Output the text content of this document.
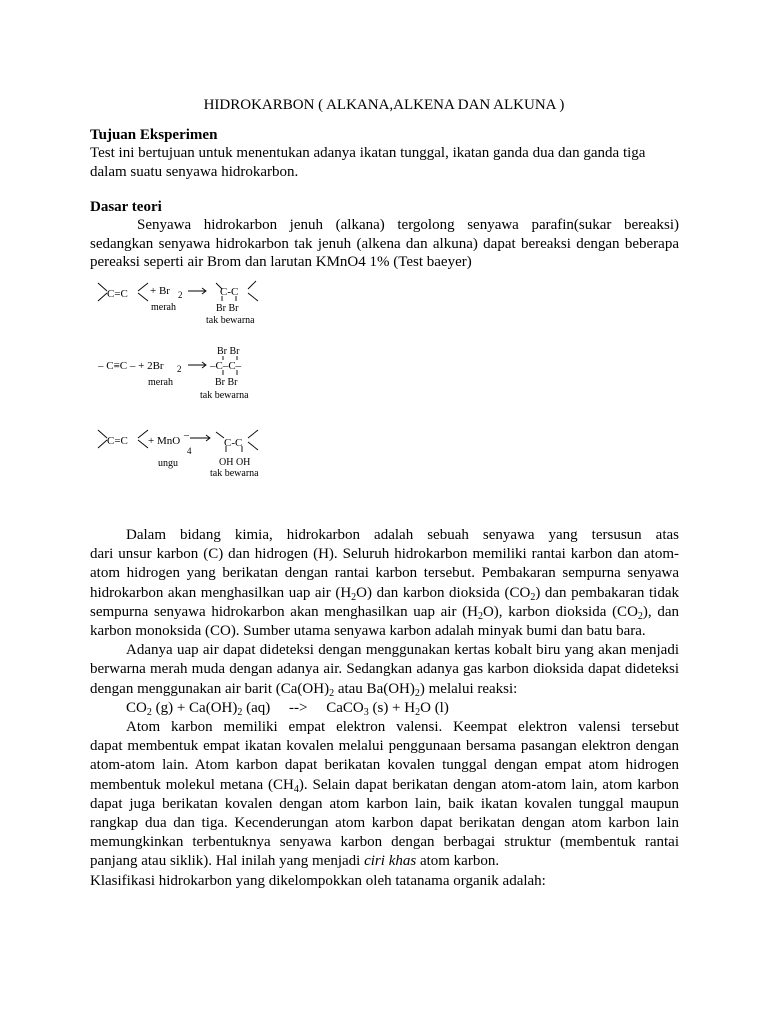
HIDROKARBON ( ALKANA,ALKENA DAN ALKUNA )
Tujuan Eksperimen
Test ini bertujuan untuk menentukan adanya ikatan tunggal, ikatan ganda dua dan ganda tiga
dalam suatu senyawa hidrokarbon.
Dasar teori
Senyawa hidrokarbon jenuh (alkana) tergolong senyawa parafin(sukar bereaksi)
sedangkan senyawa hidrokarbon tak jenuh (alkena dan alkuna) dapat bereaksi dengan beberapa
pereaksi seperti air Brom dan larutan KMnO4 1% (Test baeyer)
C=C + Br 2
merah
C-C
Br Br
tak bewarna
– C≡C – + 2Br 2
merah
Br Br
–C–C–
Br Br
tak bewarna
C=C + MnO –
4
ungu
C-C
OH OH
tak bewarna
Dalam bidang kimia, hidrokarbon adalah sebuah senyawa yang tersusun atas
dari unsur karbon (C) dan hidrogen (H). Seluruh hidrokarbon memiliki rantai karbon dan atom-
atom hidrogen yang berikatan dengan rantai karbon tersebut. Pembakaran sempurna senyawa
hidrokarbon akan menghasilkan uap air $(H_2O)$ dan karbon dioksida $(CO_2)$ dan pembakaran tidak
sempurna senyawa hidrokarbon akan menghasilkan uap air $(H_2O)$, karbon dioksida $(CO_2)$, dan
karbon monoksida (CO). Sumber utama senyawa karbon adalah minyak bumi dan batu bara.
Adanya uap air dapat dideteksi dengan menggunakan kertas kobalt biru yang akan menjadi
berwarna merah muda dengan adanya air. Sedangkan adanya gas karbon dioksida dapat dideteksi
dengan menggunakan air barit ($Ca(OH)_2$ atau $Ba(OH)_2$) melalui reaksi:
$CO_2$ $(g) + Ca(OH)_2$ (aq)     -->     CaCO$_3$ $(s) + H_2O$ (l)
Atom karbon memiliki empat elektron valensi. Keempat elektron valensi tersebut
dapat membentuk empat ikatan kovalen melalui penggunaan bersama pasangan elektron dengan
atom-atom lain. Atom karbon dapat berikatan kovalen tunggal dengan empat atom hidrogen
membentuk molekul metana $(CH_4)$. Selain dapat berikatan dengan atom-atom lain, atom karbon
dapat juga berikatan kovalen dengan atom karbon lain, baik ikatan kovalen tunggal maupun
rangkap dua dan tiga. Kecenderungan atom karbon dapat berikatan dengan atom karbon lain
memungkinkan terbentuknya senyawa karbon dengan berbagai struktur (membentuk rantai
panjang atau siklik). Hal inilah yang menjadi ciri khas atom karbon.
Klasifikasi hidrokarbon yang dikelompokkan oleh tatanama organik adalah:
